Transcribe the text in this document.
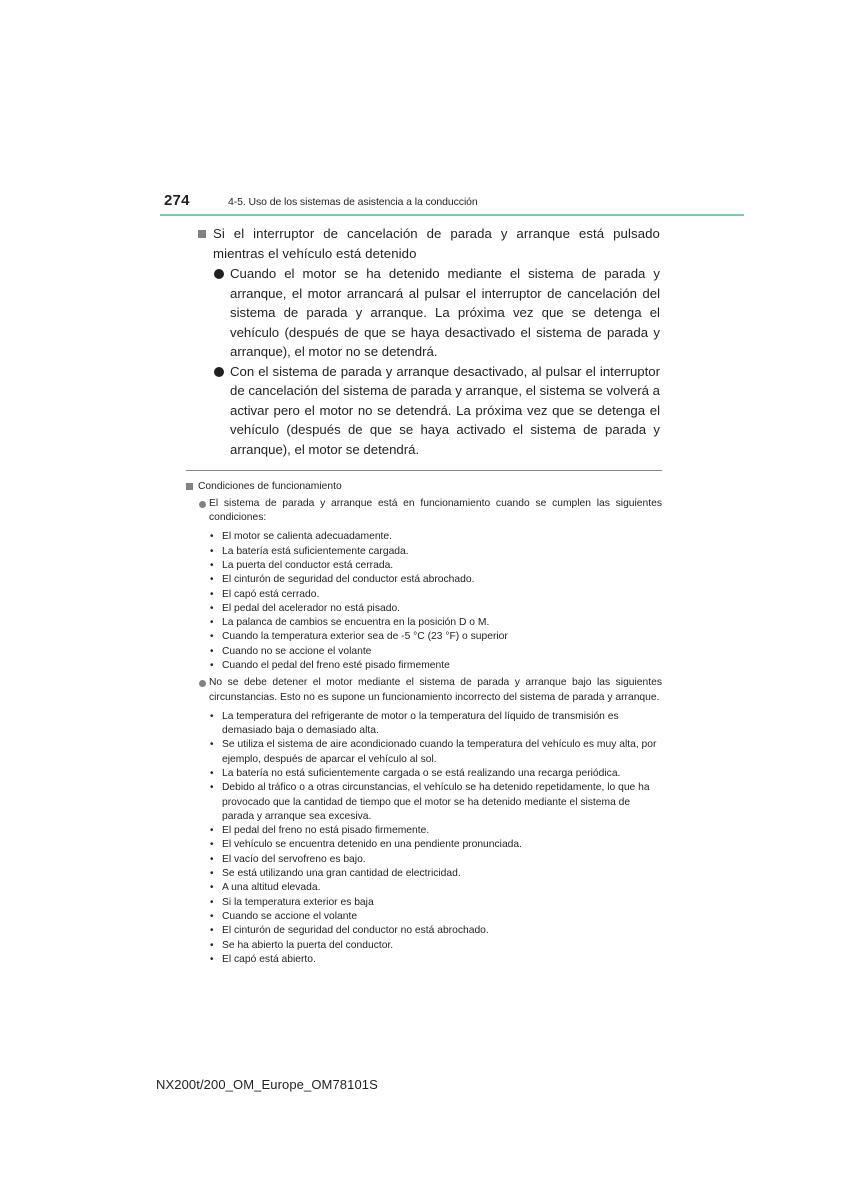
274	4-5. Uso de los sistemas de asistencia a la conducción
Si el interruptor de cancelación de parada y arranque está pulsado mientras el vehículo está detenido
Cuando el motor se ha detenido mediante el sistema de parada y arranque, el motor arrancará al pulsar el interruptor de cancelación del sistema de parada y arranque. La próxima vez que se detenga el vehículo (después de que se haya desactivado el sistema de parada y arranque), el motor no se detendrá.
Con el sistema de parada y arranque desactivado, al pulsar el interruptor de cancelación del sistema de parada y arranque, el sistema se volverá a activar pero el motor no se detendrá. La próxima vez que se detenga el vehículo (después de que se haya activado el sistema de parada y arranque), el motor se detendrá.
Condiciones de funcionamiento
El sistema de parada y arranque está en funcionamiento cuando se cumplen las siguientes condiciones:
• El motor se calienta adecuadamente.
• La batería está suficientemente cargada.
• La puerta del conductor está cerrada.
• El cinturón de seguridad del conductor está abrochado.
• El capó está cerrado.
• El pedal del acelerador no está pisado.
• La palanca de cambios se encuentra en la posición D o M.
• Cuando la temperatura exterior sea de -5 °C (23 °F) o superior
• Cuando no se accione el volante
• Cuando el pedal del freno esté pisado firmemente
No se debe detener el motor mediante el sistema de parada y arranque bajo las siguientes circunstancias. Esto no es supone un funcionamiento incorrecto del sistema de parada y arranque.
• La temperatura del refrigerante de motor o la temperatura del líquido de transmisión es demasiado baja o demasiado alta.
• Se utiliza el sistema de aire acondicionado cuando la temperatura del vehículo es muy alta, por ejemplo, después de aparcar el vehículo al sol.
• La batería no está suficientemente cargada o se está realizando una recarga periódica.
• Debido al tráfico o a otras circunstancias, el vehículo se ha detenido repetidamente, lo que ha provocado que la cantidad de tiempo que el motor se ha detenido mediante el sistema de parada y arranque sea excesiva.
• El pedal del freno no está pisado firmemente.
• El vehículo se encuentra detenido en una pendiente pronunciada.
• El vacío del servofreno es bajo.
• Se está utilizando una gran cantidad de electricidad.
• A una altitud elevada.
• Si la temperatura exterior es baja
• Cuando se accione el volante
• El cinturón de seguridad del conductor no está abrochado.
• Se ha abierto la puerta del conductor.
• El capó está abierto.
NX200t/200_OM_Europe_OM78101S
